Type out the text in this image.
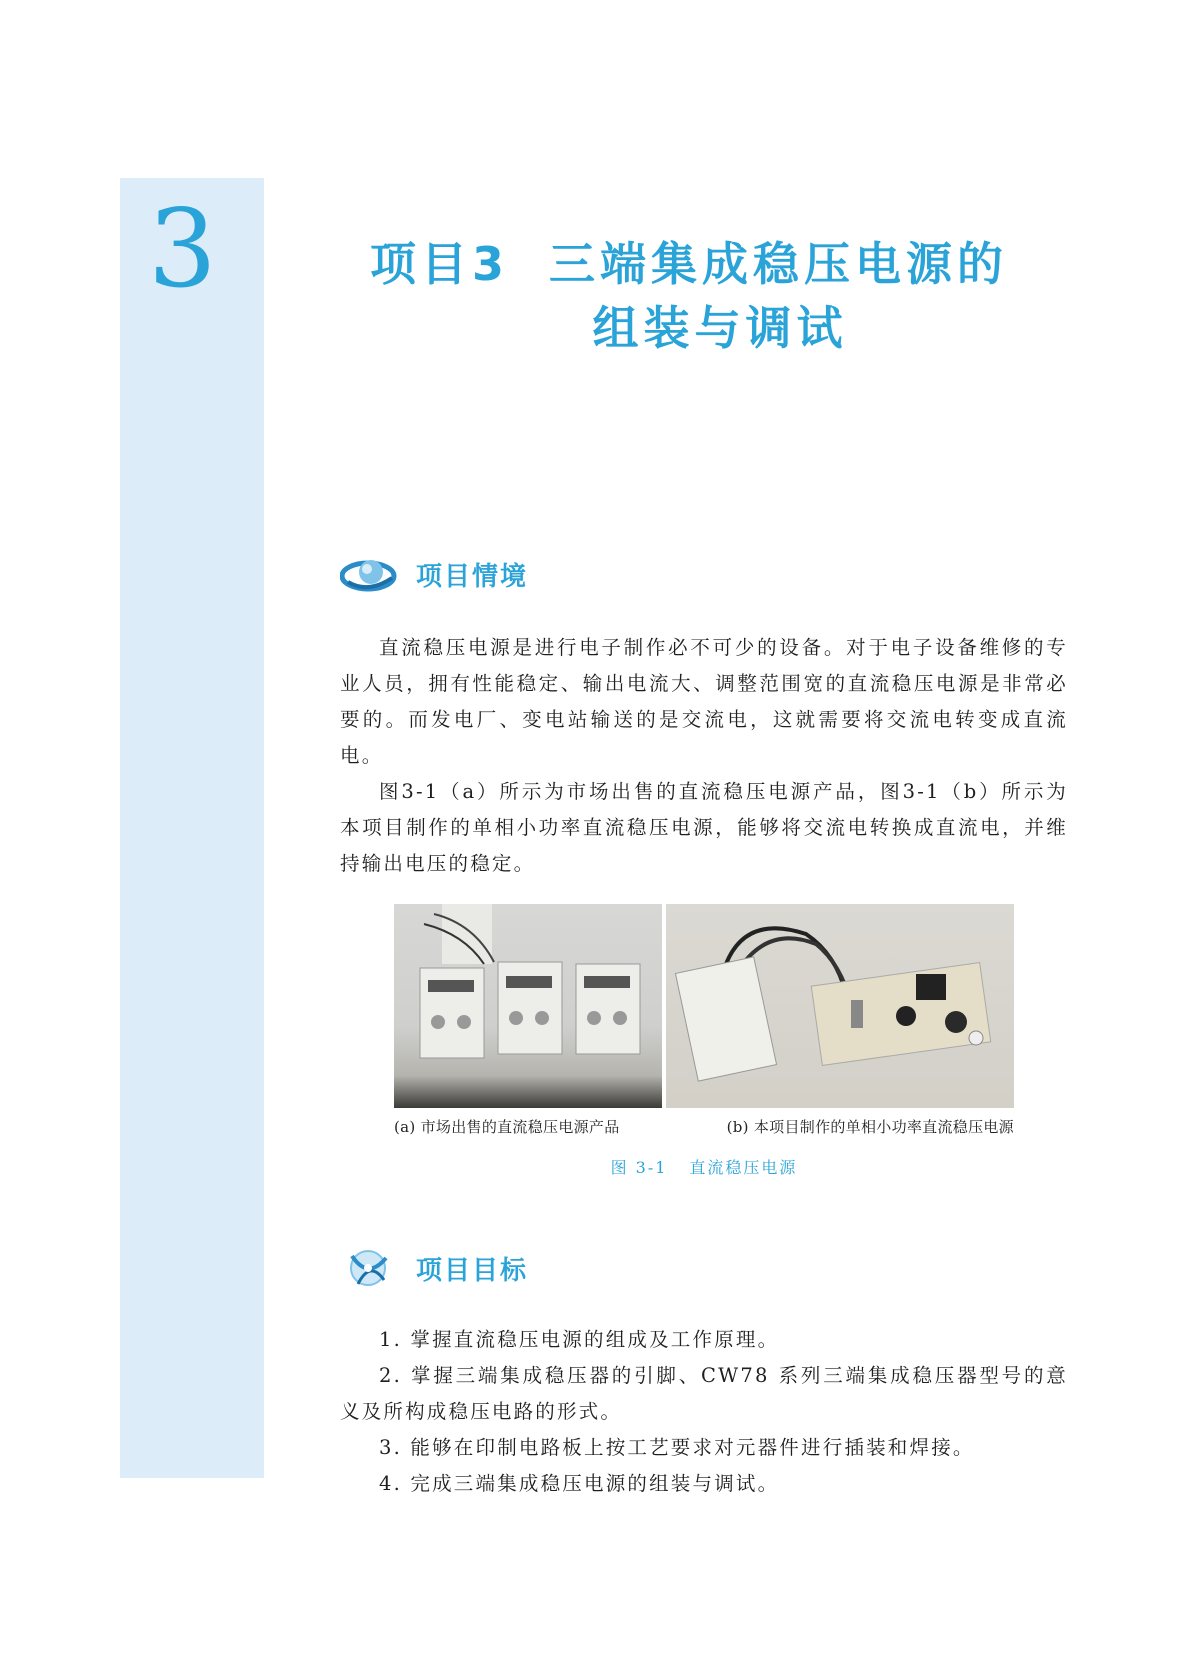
3	项目3 三端集成稳压电源的
组装与调试
项目情境

直流稳压电源是进行电子制作必不可少的设备。对于电子设备维修的专业人员，拥有性能稳定、输出电流大、调整范围宽的直流稳压电源是非常必要的。而发电厂、变电站输送的是交流电，这就需要将交流电转变成直流电。

图3-1（a）所示为市场出售的直流稳压电源产品，图3-1（b）所示为本项目制作的单相小功率直流稳压电源，能够将交流电转换成直流电，并维持输出电压的稳定。

(a) 市场出售的直流稳压电源产品	(b) 本项目制作的单相小功率直流稳压电源
图 3-1 直流稳压电源
项目目标

1. 掌握直流稳压电源的组成及工作原理。

2. 掌握三端集成稳压器的引脚、CW78 系列三端集成稳压器型号的意义及所构成稳压电路的形式。

3. 能够在印制电路板上按工艺要求对元器件进行插装和焊接。

4. 完成三端集成稳压电源的组装与调试。
